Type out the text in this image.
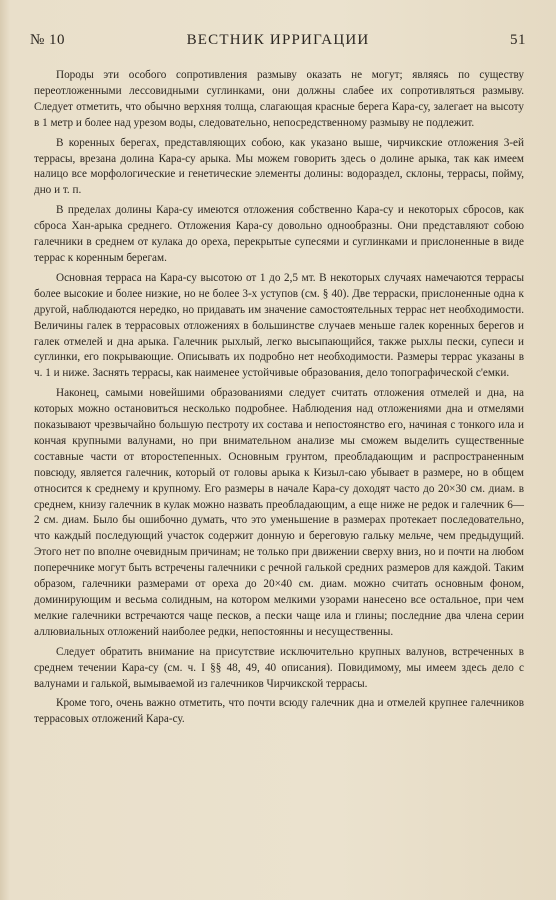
№ 10	ВЕСТНИК ИРРИГАЦИИ	51

Породы эти особого сопротивления размыву оказать не могут; являясь по существу переотложенными лессовидными суглинками, они должны слабее их сопротивляться размыву. Следует отметить, что обычно верхняя толща, слагающая красные берега Кара-су, залегает на высоту в 1 метр и более над урезом воды, следовательно, непосредственному размыву не подлежит.

В коренных берегах, представляющих собою, как указано выше, чирчикские отложения 3-ей террасы, врезана долина Кара-су арыка. Мы можем говорить здесь о долине арыка, так как имеем налицо все морфологические и генетические элементы долины: водораздел, склоны, террасы, пойму, дно и т. п.

В пределах долины Кара-су имеются отложения собственно Кара-су и некоторых сбросов, как сброса Хан-арыка среднего. Отложения Кара-су довольно однообразны. Они представляют собою галечники в среднем от кулака до ореха, перекрытые супесями и суглинками и прислоненные в виде террас к коренным берегам.

Основная терраса на Кара-су высотою от 1 до 2,5 мт. В некоторых случаях намечаются террасы более высокие и более низкие, но не более 3-х уступов (см. § 40). Две терраски, прислоненные одна к другой, наблюдаются нередко, но придавать им значение самостоятельных террас нет необходимости. Величины галек в террасовых отложениях в большинстве случаев меньше галек коренных берегов и галек отмелей и дна арыка. Галечник рыхлый, легко высыпающийся, также рыхлы пески, супеси и суглинки, его покрывающие. Описывать их подробно нет необходимости. Размеры террас указаны в ч. 1 и ниже. Заснять террасы, как наименее устойчивые образования, дело топографической с'емки.

Наконец, самыми новейшими образованиями следует считать отложения отмелей и дна, на которых можно остановиться несколько подробнее. Наблюдения над отложениями дна и отмелями показывают чрезвычайно большую пестроту их состава и непостоянство его, начиная с тонкого ила и кончая крупными валунами, но при внимательном анализе мы сможем выделить существенные составные части от второстепенных. Основным грунтом, преобладающим и распространенным повсюду, является галечник, который от головы арыка к Кизыл-саю убывает в размере, но в общем относится к среднему и крупному. Его размеры в начале Кара-су доходят часто до 20×30 см. диам. в среднем, книзу галечник в кулак можно назвать преобладающим, а еще ниже не редок и галечник 6—2 см. диам. Было бы ошибочно думать, что это уменьшение в размерах протекает последовательно, что каждый последующий участок содержит донную и береговую гальку мельче, чем предыдущий. Этого нет по вполне очевидным причинам; не только при движении сверху вниз, но и почти на любом поперечнике могут быть встречены галечники с речной галькой средних размеров для каждой. Таким образом, галечники размерами от ореха до 20×40 см. диам. можно считать основным фоном, доминирующим и весьма солидным, на котором мелкими узорами нанесено все остальное, при чем мелкие галечники встречаются чаще песков, а пески чаще ила и глины; последние два члена серии аллювиальных отложений наиболее редки, непостоянны и несущественны.

Следует обратить внимание на присутствие исключительно крупных валунов, встреченных в среднем течении Кара-су (см. ч. I §§ 48, 49, 40 описания). Повидимому, мы имеем здесь дело с валунами и галькой, вымываемой из галечников Чирчикской террасы.

Кроме того, очень важно отметить, что почти всюду галечник дна и отмелей крупнее галечников террасовых отложений Кара-су.
